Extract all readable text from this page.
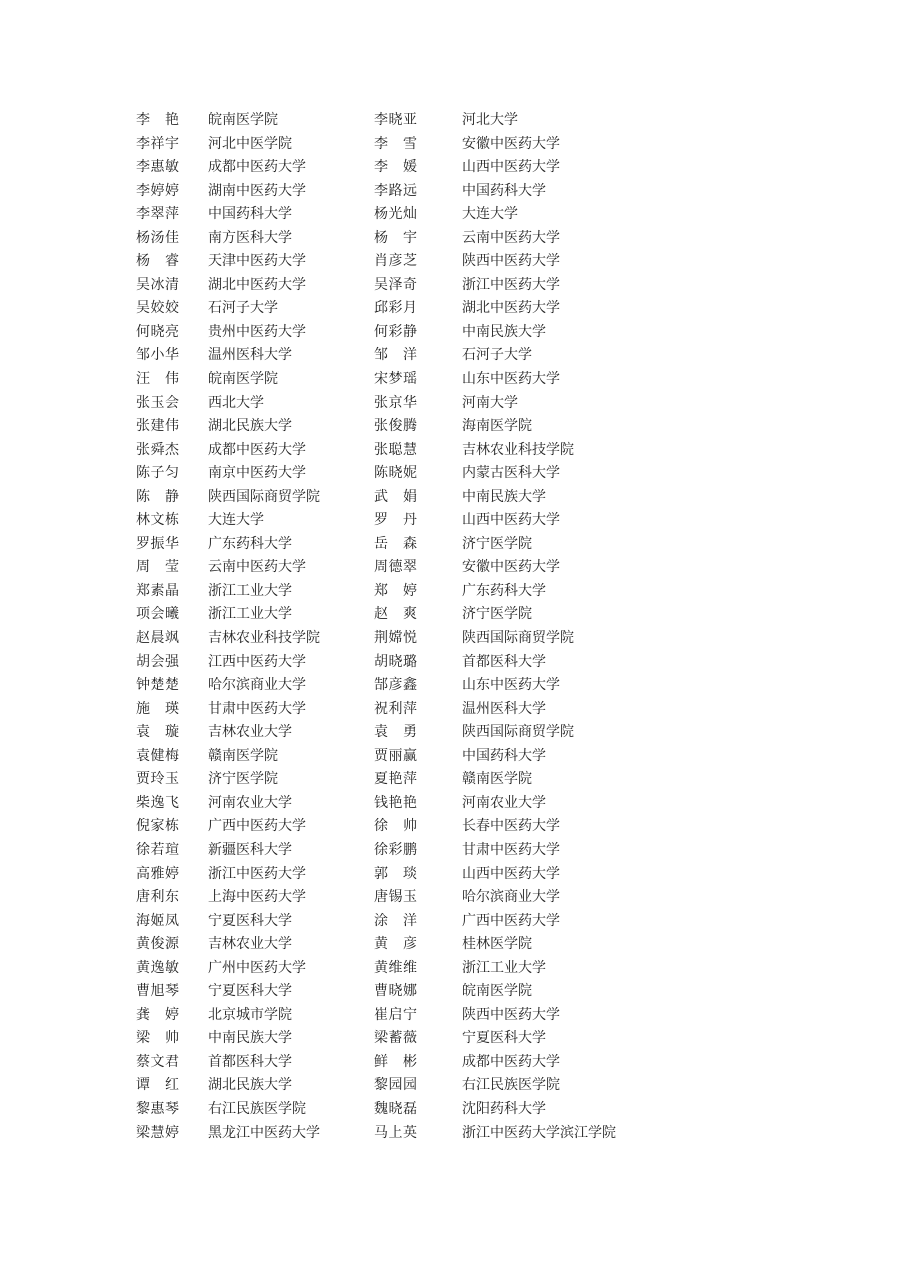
李　艳	皖南医学院	李晓亚	河北大学
李祥宇	河北中医学院	李　雪	安徽中医药大学
李惠敏	成都中医药大学	李　媛	山西中医药大学
李婷婷	湖南中医药大学	李路远	中国药科大学
李翠萍	中国药科大学	杨光灿	大连大学
杨汤佳	南方医科大学	杨　宇	云南中医药大学
杨　睿	天津中医药大学	肖彦芝	陕西中医药大学
吴冰清	湖北中医药大学	吴泽奇	浙江中医药大学
吴姣姣	石河子大学	邱彩月	湖北中医药大学
何晓亮	贵州中医药大学	何彩静	中南民族大学
邹小华	温州医科大学	邹　洋	石河子大学
汪　伟	皖南医学院	宋梦瑶	山东中医药大学
张玉会	西北大学	张京华	河南大学
张建伟	湖北民族大学	张俊腾	海南医学院
张舜杰	成都中医药大学	张聪慧	吉林农业科技学院
陈子匀	南京中医药大学	陈晓妮	内蒙古医科大学
陈　静	陕西国际商贸学院	武　娟	中南民族大学
林文栋	大连大学	罗　丹	山西中医药大学
罗振华	广东药科大学	岳　森	济宁医学院
周　莹	云南中医药大学	周德翠	安徽中医药大学
郑素晶	浙江工业大学	郑　婷	广东药科大学
项会曦	浙江工业大学	赵　爽	济宁医学院
赵晨飒	吉林农业科技学院	荆嫦悦	陕西国际商贸学院
胡会强	江西中医药大学	胡晓璐	首都医科大学
钟楚楚	哈尔滨商业大学	郜彦鑫	山东中医药大学
施　瑛	甘肃中医药大学	祝利萍	温州医科大学
袁　璇	吉林农业大学	袁　勇	陕西国际商贸学院
袁健梅	赣南医学院	贾丽赢	中国药科大学
贾玲玉	济宁医学院	夏艳萍	赣南医学院
柴逸飞	河南农业大学	钱艳艳	河南农业大学
倪家栋	广西中医药大学	徐　帅	长春中医药大学
徐若瑄	新疆医科大学	徐彩鹏	甘肃中医药大学
高雅婷	浙江中医药大学	郭　琰	山西中医药大学
唐利东	上海中医药大学	唐锡玉	哈尔滨商业大学
海姬凤	宁夏医科大学	涂　洋	广西中医药大学
黄俊源	吉林农业大学	黄　彦	桂林医学院
黄逸敏	广州中医药大学	黄维维	浙江工业大学
曹旭琴	宁夏医科大学	曹晓娜	皖南医学院
龚　婷	北京城市学院	崔启宁	陕西中医药大学
梁　帅	中南民族大学	梁蓄薇	宁夏医科大学
蔡文君	首都医科大学	鲜　彬	成都中医药大学
谭　红	湖北民族大学	黎园园	右江民族医学院
黎惠琴	右江民族医学院	魏晓磊	沈阳药科大学
梁慧婷	黑龙江中医药大学	马上英	浙江中医药大学滨江学院
